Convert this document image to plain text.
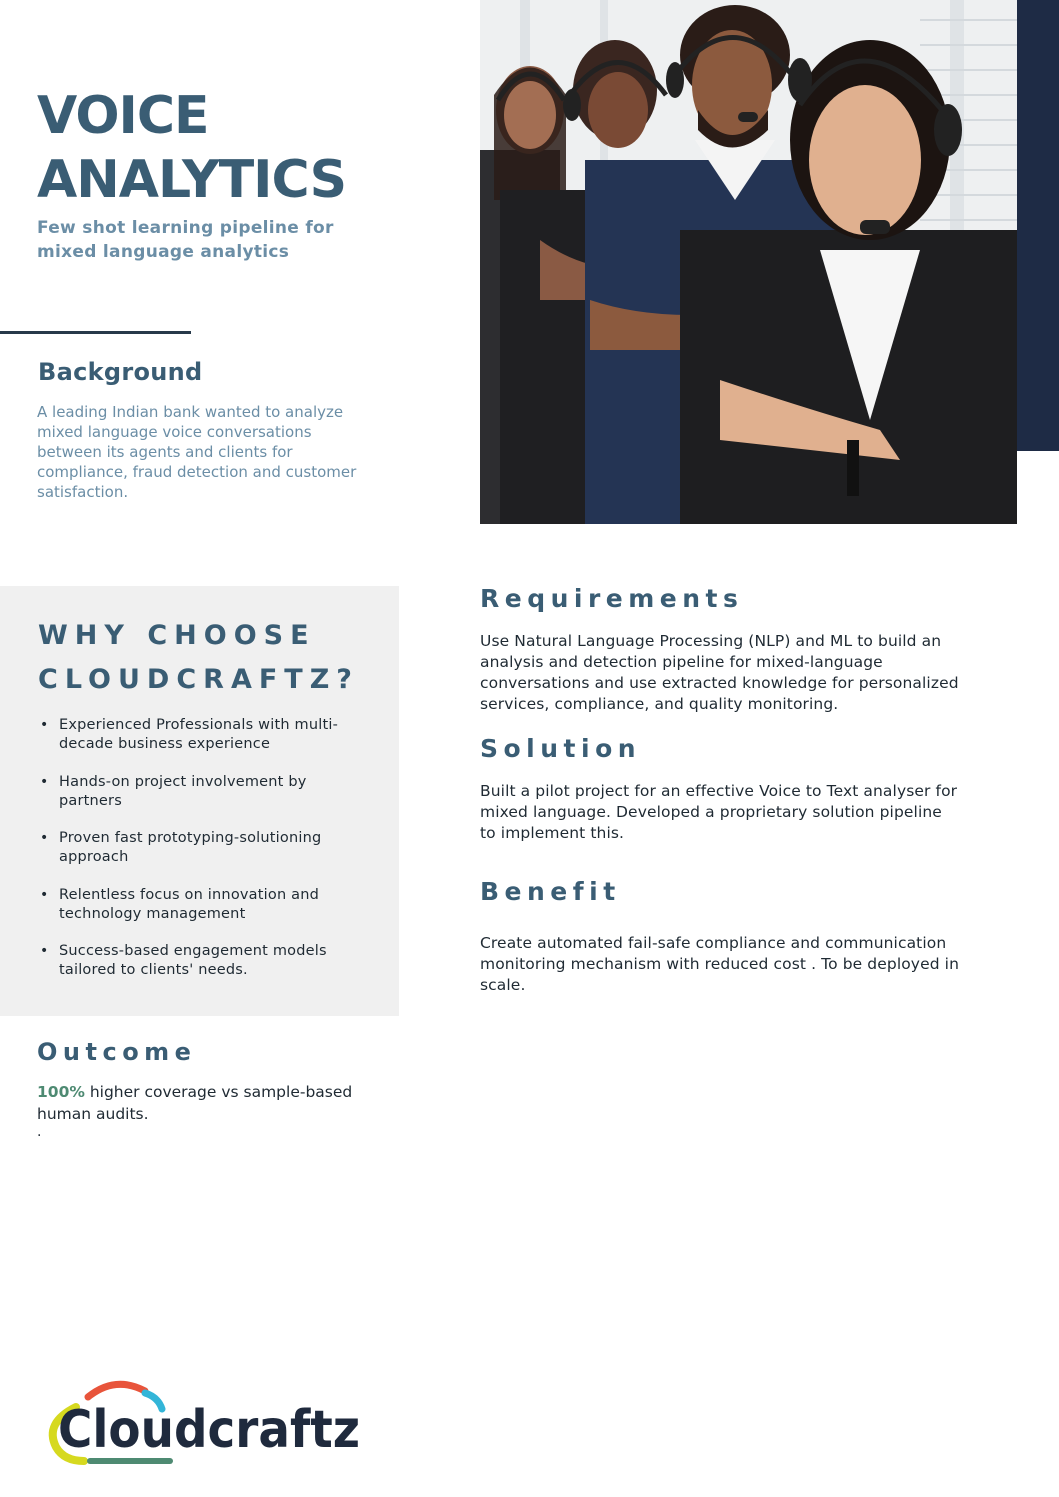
VOICE
ANALYTICS
Few shot learning pipeline for mixed language analytics
Background
A leading Indian bank wanted to analyze mixed language voice conversations between its agents and clients for compliance, fraud detection and customer satisfaction.
WHY CHOOSE
CLOUDCRAFTZ?
• Experienced Professionals with multi-decade business experience
• Hands-on project involvement by partners
• Proven fast prototyping-solutioning approach
• Relentless focus on innovation and technology management
• Success-based engagement models tailored to clients' needs.
Requirements
Use Natural Language Processing (NLP) and ML to build an analysis and detection pipeline for mixed-language conversations and use extracted knowledge for personalized services, compliance, and quality monitoring.
Solution
Built a pilot project for an effective Voice to Text analyser for mixed language. Developed a proprietary solution pipeline to implement this.
Benefit
Create automated fail-safe compliance and communication monitoring mechanism with reduced cost . To be deployed in scale.
Outcome
100% higher coverage vs sample-based human audits.
.
Cloudcraftz
